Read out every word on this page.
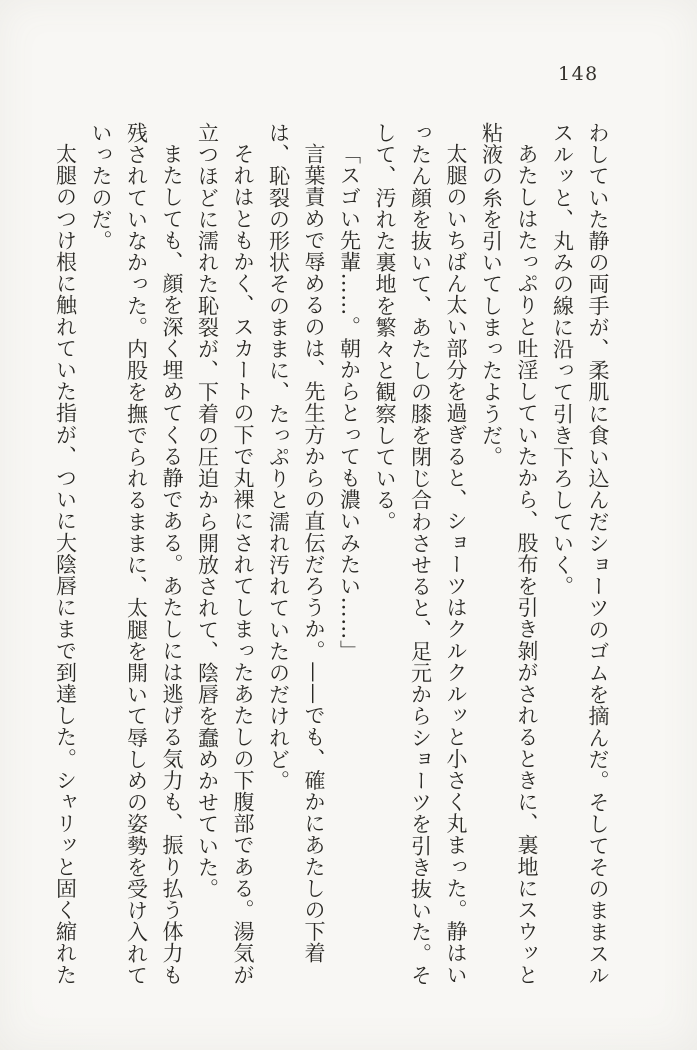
148

わしていた静の両手が、柔肌に食い込んだショーツのゴムを摘んだ。そしてそのままスルスルッと、丸みの線に沿って引き下ろしていく。

あたしはたっぷりと吐淫していたから、股布を引き剝がされるときに、裏地にスウッと粘液の糸を引いてしまったようだ。

太腿のいちばん太い部分を過ぎると、ショーツはクルクルッと小さく丸まった。静はいったん顔を抜いて、あたしの膝を閉じ合わさせると、足元からショーツを引き抜いた。そして、汚れた裏地を繁々と観察している。

「スゴい先輩……。朝からとっても濃いみたい……」

言葉責めで辱めるのは、先生方からの直伝だろうか。——でも、確かにあたしの下着は、恥裂の形状そのままに、たっぷりと濡れ汚れていたのだけれど。

それはともかく、スカートの下で丸裸にされてしまったあたしの下腹部である。湯気が立つほどに濡れた恥裂が、下着の圧迫から開放されて、陰唇を蠢めかせていた。

またしても、顔を深く埋めてくる静である。あたしには逃げる気力も、振り払う体力も残されていなかった。内股を撫でられるままに、太腿を開いて辱しめの姿勢を受け入れていったのだ。

太腿のつけ根に触れていた指が、ついに大陰唇にまで到達した。シャリッと固く縮れた
